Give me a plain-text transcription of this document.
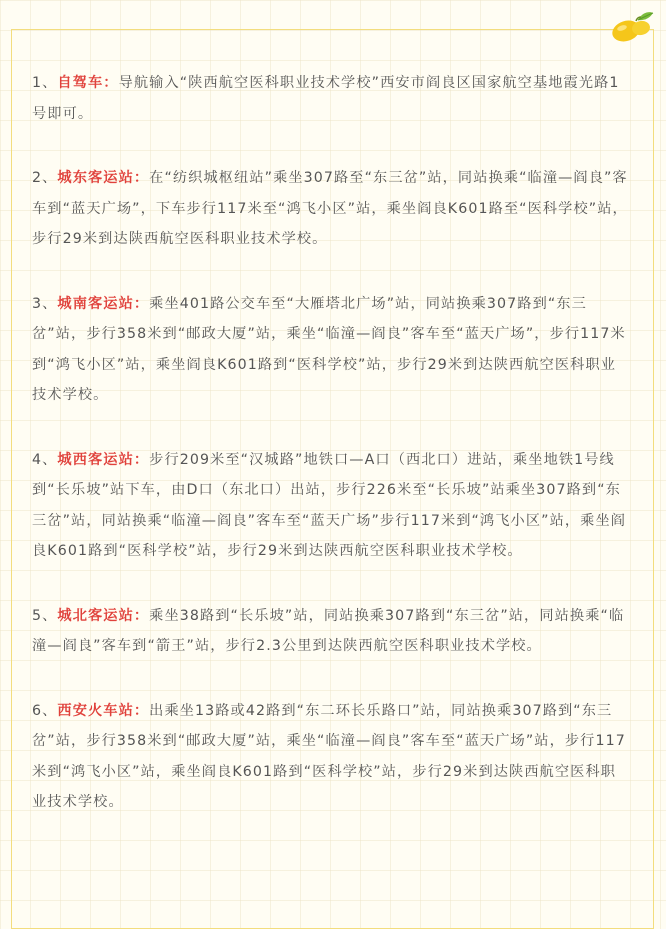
1、自驾车：导航输入“陕西航空医科职业技术学校”西安市阎良区国家航空基地霞光路1号即可。

2、城东客运站：在“纺织城枢纽站”乘坐307路至“东三岔”站，同站换乘“临潼—阎良”客车到“蓝天广场”，下车步行117米至“鸿飞小区”站，乘坐阎良K601路至“医科学校”站，步行29米到达陕西航空医科职业技术学校。

3、城南客运站：乘坐401路公交车至“大雁塔北广场”站，同站换乘307路到“东三岔”站，步行358米到“邮政大厦”站，乘坐“临潼—阎良”客车至“蓝天广场”，步行117米到“鸿飞小区”站，乘坐阎良K601路到“医科学校”站，步行29米到达陕西航空医科职业技术学校。

4、城西客运站：步行209米至“汉城路”地铁口—A口（西北口）进站，乘坐地铁1号线到“长乐坡”站下车，由D口（东北口）出站，步行226米至“长乐坡”站乘坐307路到“东三岔”站，同站换乘“临潼—阎良”客车至“蓝天广场”步行117米到“鸿飞小区”站，乘坐阎良K601路到“医科学校”站，步行29米到达陕西航空医科职业技术学校。

5、城北客运站：乘坐38路到“长乐坡”站，同站换乘307路到“东三岔”站，同站换乘“临潼—阎良”客车到“箭王”站，步行2.3公里到达陕西航空医科职业技术学校。

6、西安火车站：出乘坐13路或42路到“东二环长乐路口”站，同站换乘307路到“东三岔”站，步行358米到“邮政大厦”站，乘坐“临潼—阎良”客车至“蓝天广场”站，步行117米到“鸿飞小区”站，乘坐阎良K601路到“医科学校”站，步行29米到达陕西航空医科职业技术学校。
